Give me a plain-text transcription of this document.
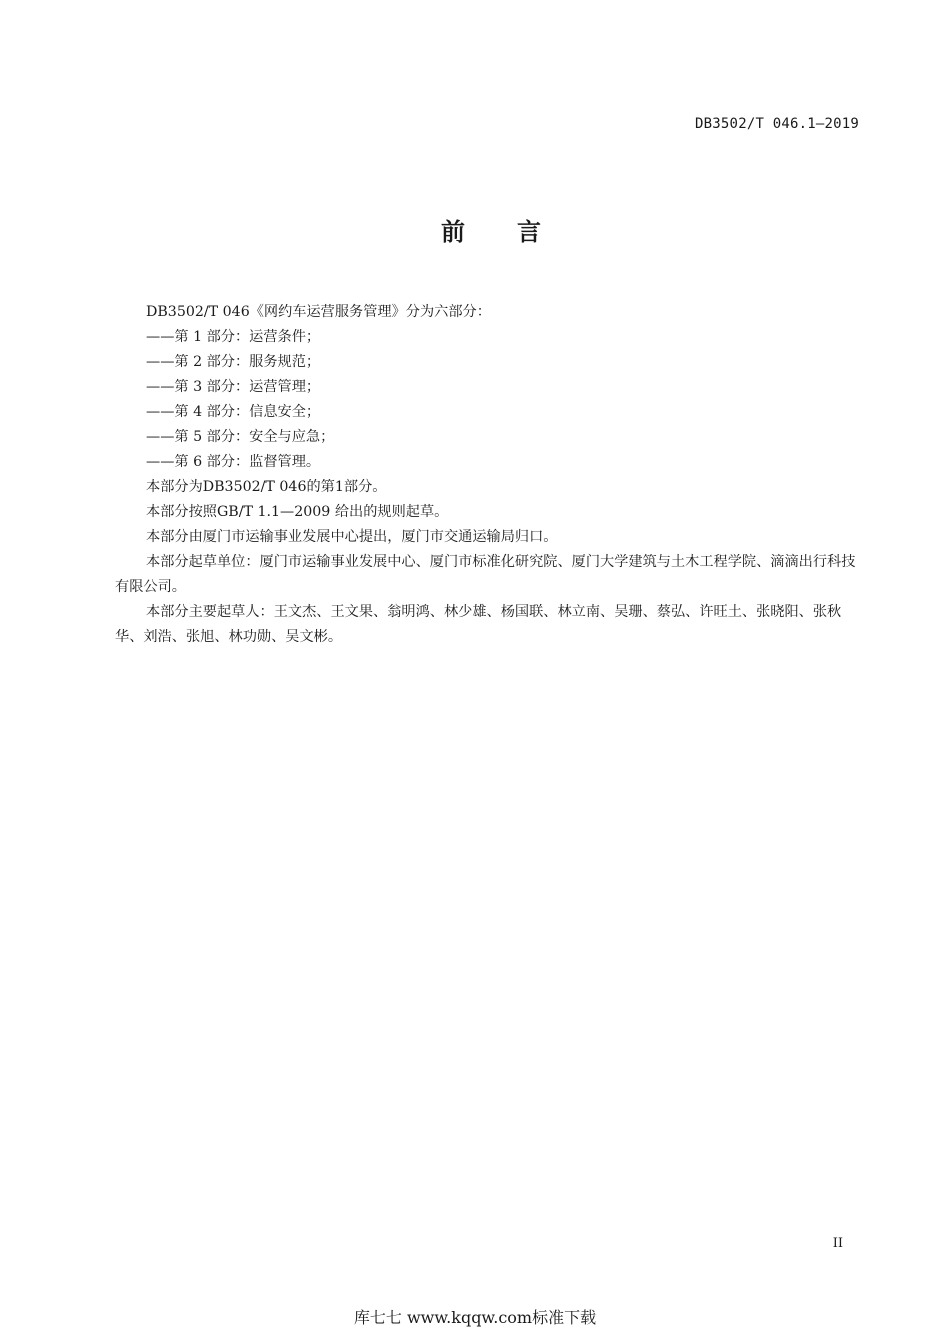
DB3502/T 046.1—2019
前言

DB3502/T 046《网约车运营服务管理》分为六部分：

——第 1 部分：运营条件；

——第 2 部分：服务规范；

——第 3 部分：运营管理；

——第 4 部分：信息安全；

——第 5 部分：安全与应急；

——第 6 部分：监督管理。

本部分为DB3502/T 046的第1部分。

本部分按照GB/T 1.1—2009 给出的规则起草。

本部分由厦门市运输事业发展中心提出，厦门市交通运输局归口。

本部分起草单位：厦门市运输事业发展中心、厦门市标准化研究院、厦门大学建筑与土木工程学院、滴滴出行科技有限公司。

本部分主要起草人：王文杰、王文果、翁明鸿、林少雄、杨国联、林立南、吴珊、蔡弘、许旺土、张晓阳、张秋华、刘浩、张旭、林功勋、吴文彬。

II
库七七 www.kqqw.com标准下载
